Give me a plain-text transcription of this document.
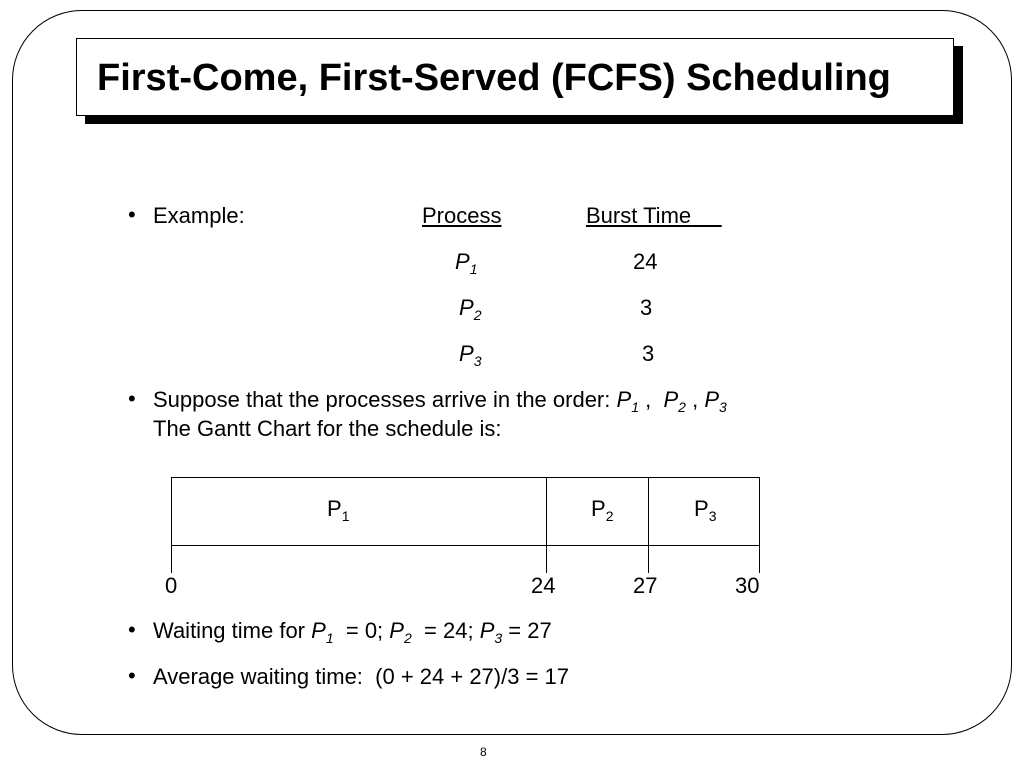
First-Come, First-Served (FCFS) Scheduling
• Example:	Process	Burst Time
$P_1$	24
$P_2$	3
$P_3$	3
• Suppose that the processes arrive in the order: $P_1$ , $P_2$ , $P_3$
The Gantt Chart for the schedule is:
$P_1$	$P_2$	$P_3$
0	24	27	30
• Waiting time for $P_1 = 0$; $P_2 = 24$; $P_3 = 27$
• Average waiting time:  (0 + 24 + 27)/3 = 17
8
